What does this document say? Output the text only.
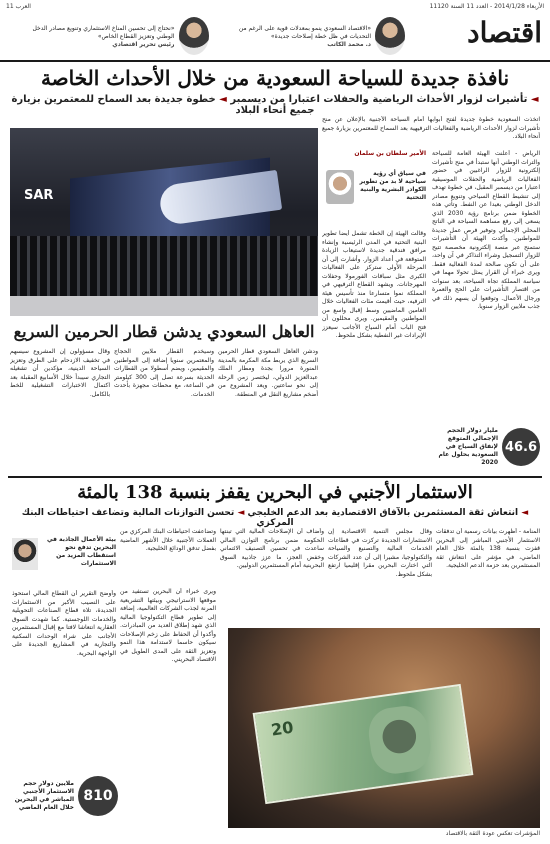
العرب 11	الأربعاء 2014/1/28 - العدد 11 السنة 11120
اقتصاد
«الاقتصاد السعودي ينمو بمعدلات قوية على الرغم من التحديات في ظل خطة إصلاحات جديدة»
د. محمد الكاتب
«نحتاج إلى تحسين المناخ الاستثماري وتنويع مصادر الدخل الوطني وتعزيز القطاع الخاص»
رئيس تحرير اقتصادي
نافذة جديدة للسياحة السعودية من خلال الأحداث الخاصة
◄ تأشيرات لزوار الأحداث الرياضية والحفلات اعتبارا من ديسمبر ◄ خطوة جديدة بعد السماح للمعتمرين بزيارة جميع أنحاء البلاد
اتخذت السعودية خطوة جديدة لفتح أبوابها أمام السياحة الأجنبية بالإعلان عن منح تأشيرات لزوار الأحداث الرياضية والفعاليات الترفيهية بعد السماح للمعتمرين بزيارة جميع أنحاء البلاد.
SAR
العاهل السعودي يدشن قطار الحرمين السريع
الرياض - أعلنت الهيئة العامة للسياحة والتراث الوطني أنها ستبدأ في منح تأشيرات إلكترونية للزوار الراغبين في حضور الفعاليات الرياضية والحفلات الموسيقية اعتبارا من ديسمبر المقبل، في خطوة تهدف إلى تنشيط القطاع السياحي وتنويع مصادر الدخل الوطني بعيدا عن النفط. وتأتي هذه الخطوة ضمن برنامج رؤية 2030 الذي يسعى إلى رفع مساهمة السياحة في الناتج المحلي الإجمالي وتوفير فرص عمل جديدة للمواطنين. وأكدت الهيئة أن التأشيرات ستمنح عبر منصة إلكترونية مخصصة تتيح للزوار التسجيل وشراء التذاكر في آن واحد، على أن تكون صالحة لمدة الفعالية فقط. ويرى خبراء أن القرار يمثل تحولا مهما في سياسة المملكة تجاه السياحة، بعد سنوات من اقتصار التأشيرات على الحج والعمرة ورجال الأعمال. وتوقعوا أن يسهم ذلك في جذب ملايين الزوار سنويا.
الأمير سلطان بن سلمان
في سياق أي رؤية سياحية لا بد من تطوير الكوادر البشرية والبنية التحتية
وقالت الهيئة إن الخطة تشمل أيضا تطوير البنية التحتية في المدن الرئيسية وإنشاء مرافق فندقية جديدة لاستيعاب الزيادة المتوقعة في أعداد الزوار. وأشارت إلى أن المرحلة الأولى ستركز على الفعاليات الكبرى مثل سباقات الفورمولا وحفلات المهرجانات. ويشهد القطاع الترفيهي في المملكة نموا متسارعا منذ تأسيس هيئة الترفيه، حيث أقيمت مئات الفعاليات خلال العامين الماضيين وسط إقبال واسع من المواطنين والمقيمين. ويرى محللون أن فتح الباب أمام السياح الأجانب سيعزز الإيرادات غير النفطية بشكل ملحوظ.
ودشن العاهل السعودي قطار الحرمين السريع الذي يربط مكة المكرمة بالمدينة المنورة مرورا بجدة ومطار الملك عبدالعزيز الدولي، ليختصر زمن الرحلة إلى نحو ساعتين. ويعد المشروع من أضخم مشاريع النقل في المنطقة.
وسيخدم القطار ملايين الحجاج والمعتمرين سنويا إضافة إلى المواطنين والمقيمين، ويضم أسطولا من القطارات الحديثة بسرعة تصل إلى 300 كيلومتر في الساعة، مع محطات مجهزة بأحدث الخدمات.
وقال مسؤولون إن المشروع سيسهم في تخفيف الازدحام على الطرق وتعزيز السياحة الدينية، مؤكدين أن تشغيله التجاري سيبدأ خلال الأسابيع المقبلة بعد اكتمال الاختبارات التشغيلية للخط بالكامل.
46.6
مليار دولار الحجم الإجمالي المتوقع لإنفاق السياح في السعودية بحلول عام 2020
الاستثمار الأجنبي في البحرين يقفز بنسبة 138 بالمئة
◄ انتعاش ثقة المستثمرين بالآفاق الاقتصادية بعد الدعم الخليجي ◄ تحسن التوازنات المالية وتضاعف احتياطات البنك المركزي
المنامة - أظهرت بيانات رسمية أن تدفقات الاستثمار الأجنبي المباشر إلى البحرين قفزت بنسبة 138 بالمئة خلال العام الماضي، في مؤشر على انتعاش ثقة المستثمرين بعد حزمة الدعم الخليجية.
وقال مجلس التنمية الاقتصادية إن الاستثمارات الجديدة تركزت في قطاعات الخدمات المالية والتصنيع والسياحة والتكنولوجيا، مشيرا إلى أن عدد الشركات التي اختارت البحرين مقرا إقليميا ارتفع بشكل ملحوظ.
وأضاف أن الإصلاحات المالية التي تبنتها الحكومة ضمن برنامج التوازن المالي ساعدت في تحسين التصنيف الائتماني وخفض العجز، ما عزز جاذبية السوق البحرينية أمام المستثمرين الدوليين.
وتضاعفت احتياطات البنك المركزي من العملات الأجنبية خلال الأشهر الماضية بفضل تدفق الودائع الخليجية.
ويرى خبراء أن البحرين تستفيد من موقعها الاستراتيجي وبيئتها التشريعية المرنة لجذب الشركات العالمية، إضافة إلى تطوير قطاع التكنولوجيا المالية الذي شهد إطلاق العديد من المبادرات. وأكدوا أن الحفاظ على زخم الإصلاحات سيكون حاسما لاستدامة هذا النمو وتعزيز الثقة على المدى الطويل في الاقتصاد البحريني.
بيئة الأعمال الجاذبة في البحرين تدفع نحو استقطاب المزيد من الاستثمارات
وأوضح التقرير أن القطاع المالي استحوذ على النصيب الأكبر من الاستثمارات الجديدة، تلاه قطاع الصناعات التحويلية والخدمات اللوجستية. كما شهدت السوق العقارية انتعاشا لافتا مع إقبال المستثمرين الأجانب على شراء الوحدات السكنية والتجارية في المشاريع الجديدة على الواجهة البحرية.
810
ملايين دولار حجم الاستثمار الأجنبي المباشر في البحرين خلال العام الماضي
20
المؤشرات تعكس عودة الثقة بالاقتصاد
